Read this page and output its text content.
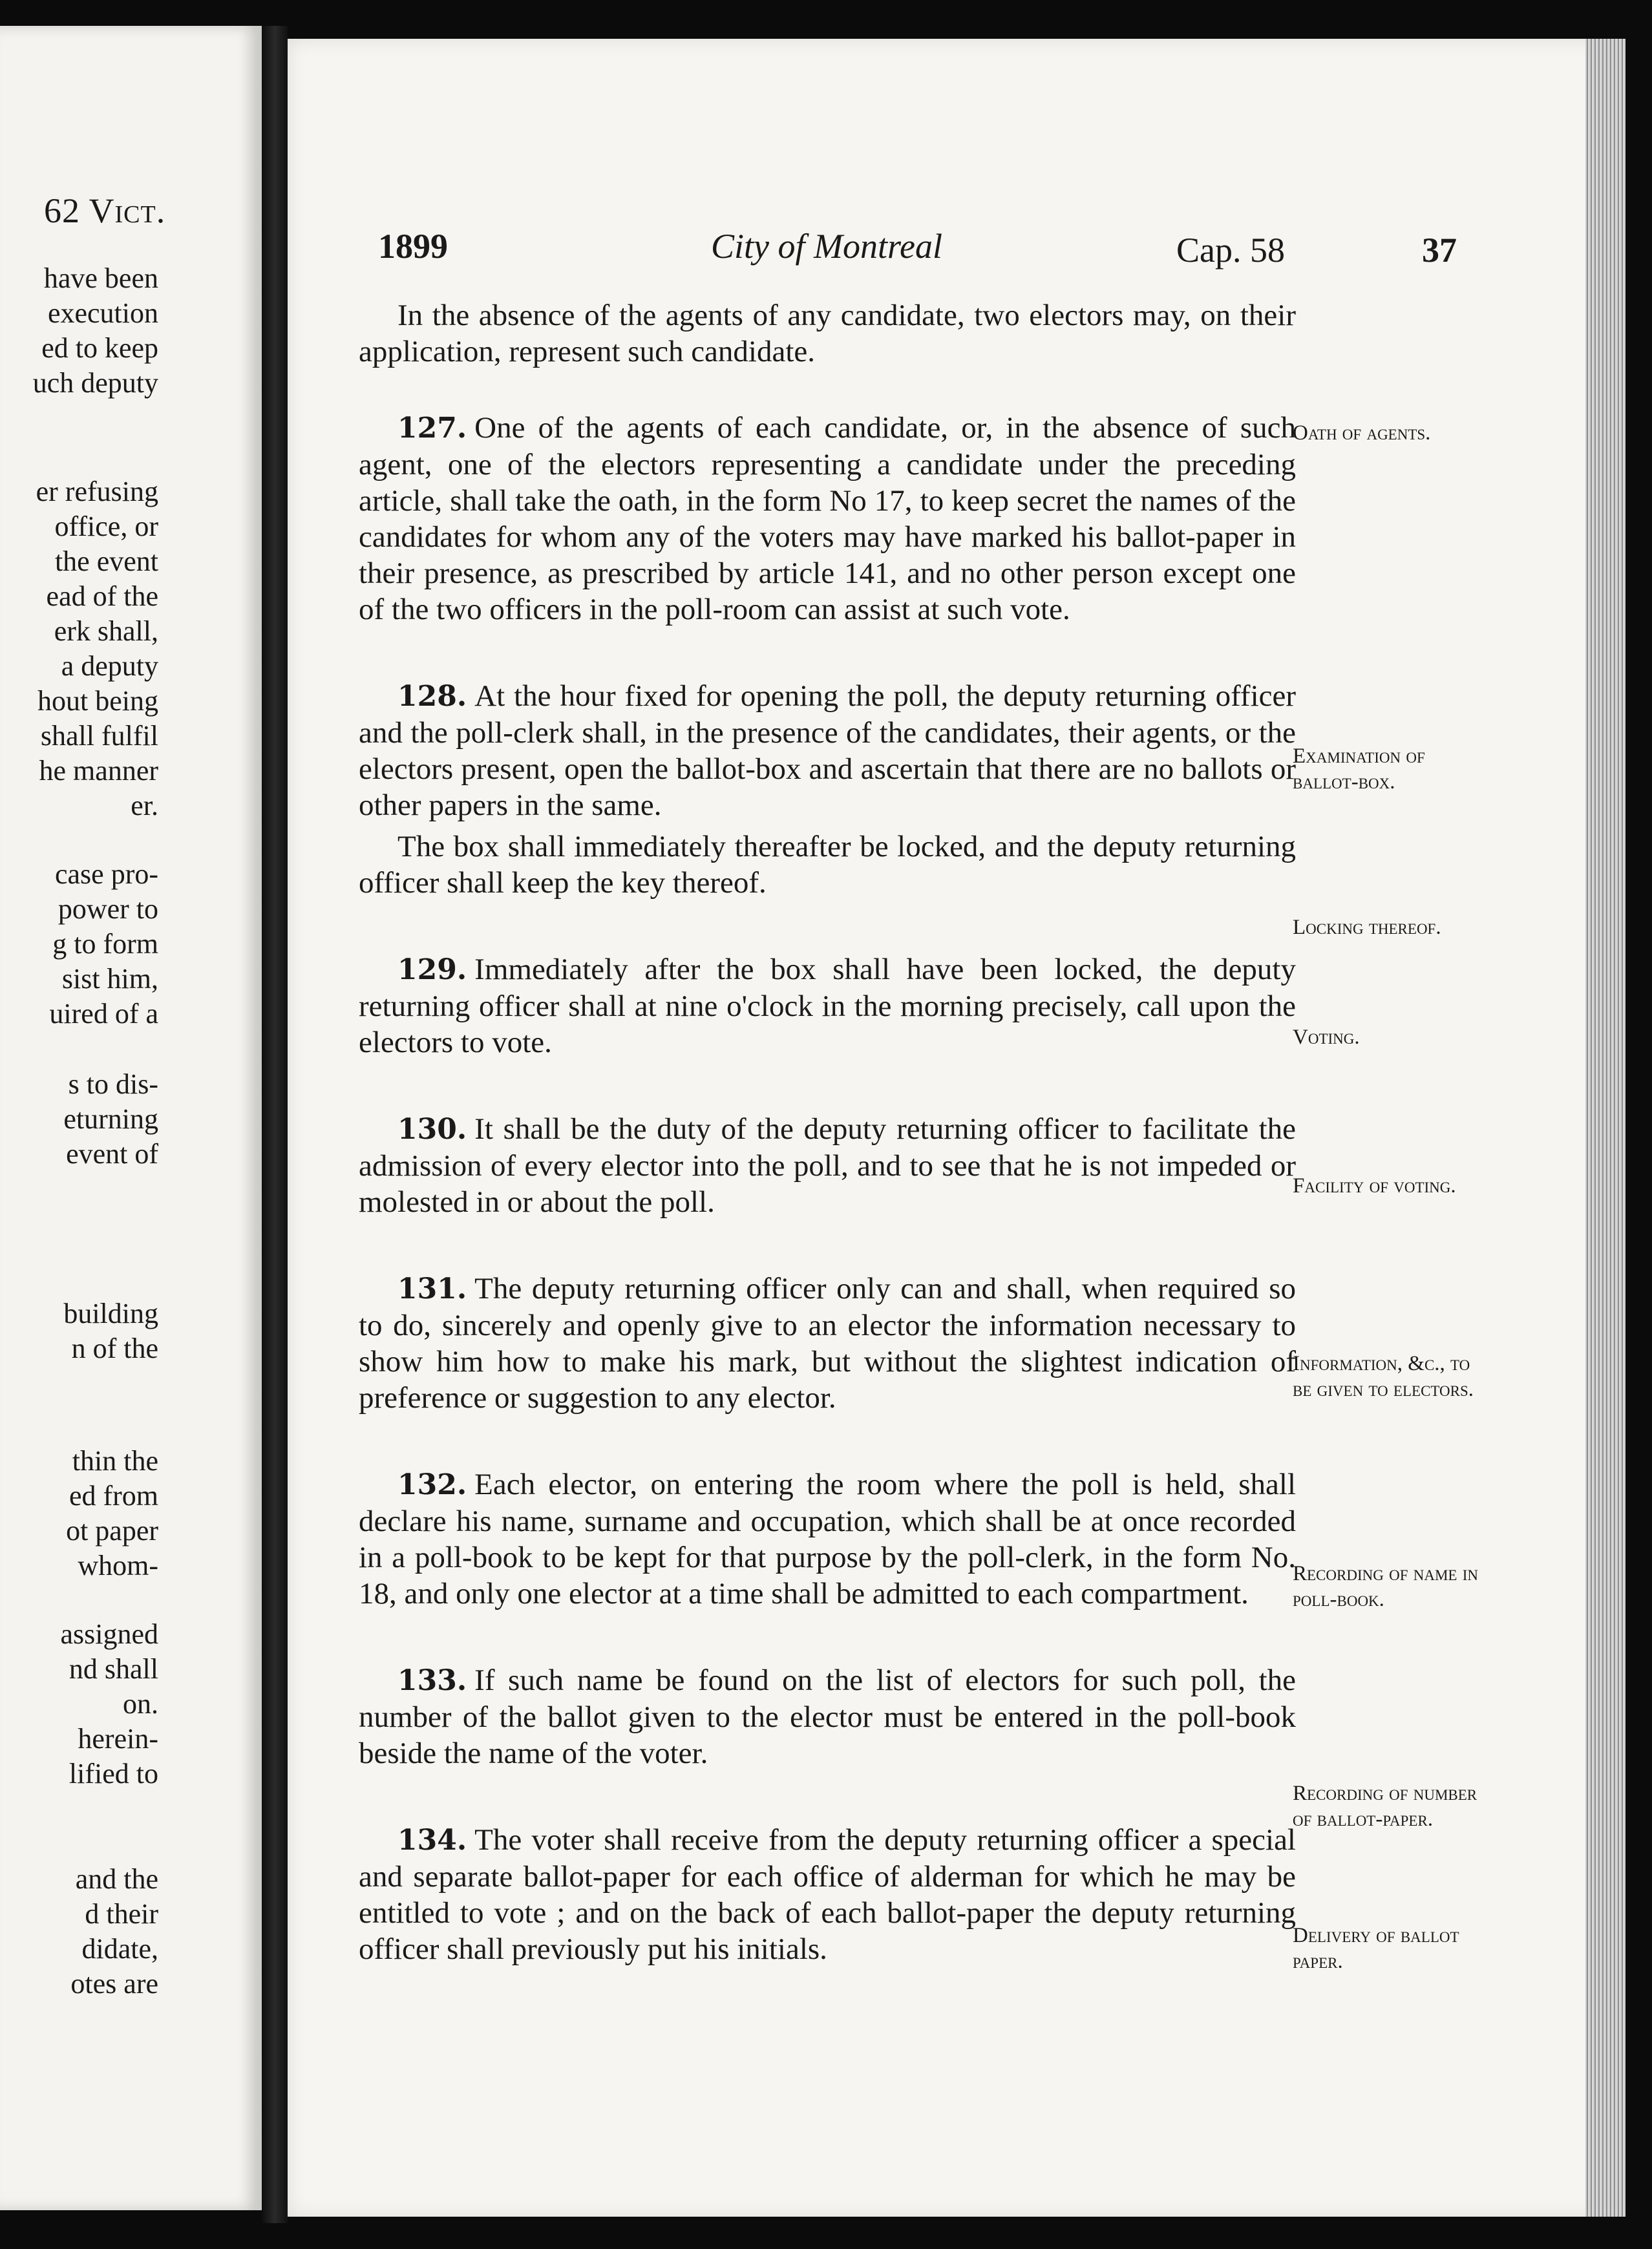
62 Vict.
have been
execution
ed to keep
uch deputy
er refusing
office, or
the event
ead of the
erk shall,
a deputy
hout being
shall fulfil
he manner
er.
case pro-
power to
g to form
sist him,
uired of a
s to dis-
eturning
event of
building
n of the
thin the
ed from
ot paper
whom-
assigned
nd shall
on.
herein-
lified to
and the
d their
didate,
otes are
1899	City of Montreal	Cap. 58	37

In the absence of the agents of any candidate, two electors may, on their application, represent such candidate.

127. One of the agents of each candidate, or, in the absence of such agent, one of the electors representing a candidate under the preceding article, shall take the oath, in the form No 17, to keep secret the names of the candidates for whom any of the voters may have marked his ballot-paper in their presence, as prescribed by article 141, and no other person except one of the two officers in the poll-room can assist at such vote.

128. At the hour fixed for opening the poll, the deputy returning officer and the poll-clerk shall, in the presence of the candidates, their agents, or the electors present, open the ballot-box and ascertain that there are no ballots or other papers in the same.

The box shall immediately thereafter be locked, and the deputy returning officer shall keep the key thereof.

129. Immediately after the box shall have been locked, the deputy returning officer shall at nine o'clock in the morning precisely, call upon the electors to vote.

130. It shall be the duty of the deputy returning officer to facilitate the admission of every elector into the poll, and to see that he is not impeded or molested in or about the poll.

131. The deputy returning officer only can and shall, when required so to do, sincerely and openly give to an elector the information necessary to show him how to make his mark, but without the slightest indication of preference or suggestion to any elector.

132. Each elector, on entering the room where the poll is held, shall declare his name, surname and occupation, which shall be at once recorded in a poll-book to be kept for that purpose by the poll-clerk, in the form No. 18, and only one elector at a time shall be admitted to each compartment.

133. If such name be found on the list of electors for such poll, the number of the ballot given to the elector must be entered in the poll-book beside the name of the voter.

134. The voter shall receive from the deputy returning officer a special and separate ballot-paper for each office of alderman for which he may be entitled to vote ; and on the back of each ballot-paper the deputy returning officer shall previously put his initials.

Oath of agents.
Examination of ballot-box.
Locking thereof.
Voting.
Facility of voting.
Information, &c., to be given to electors.
Recording of name in poll-book.
Recording of number of ballot-paper.
Delivery of ballot paper.
